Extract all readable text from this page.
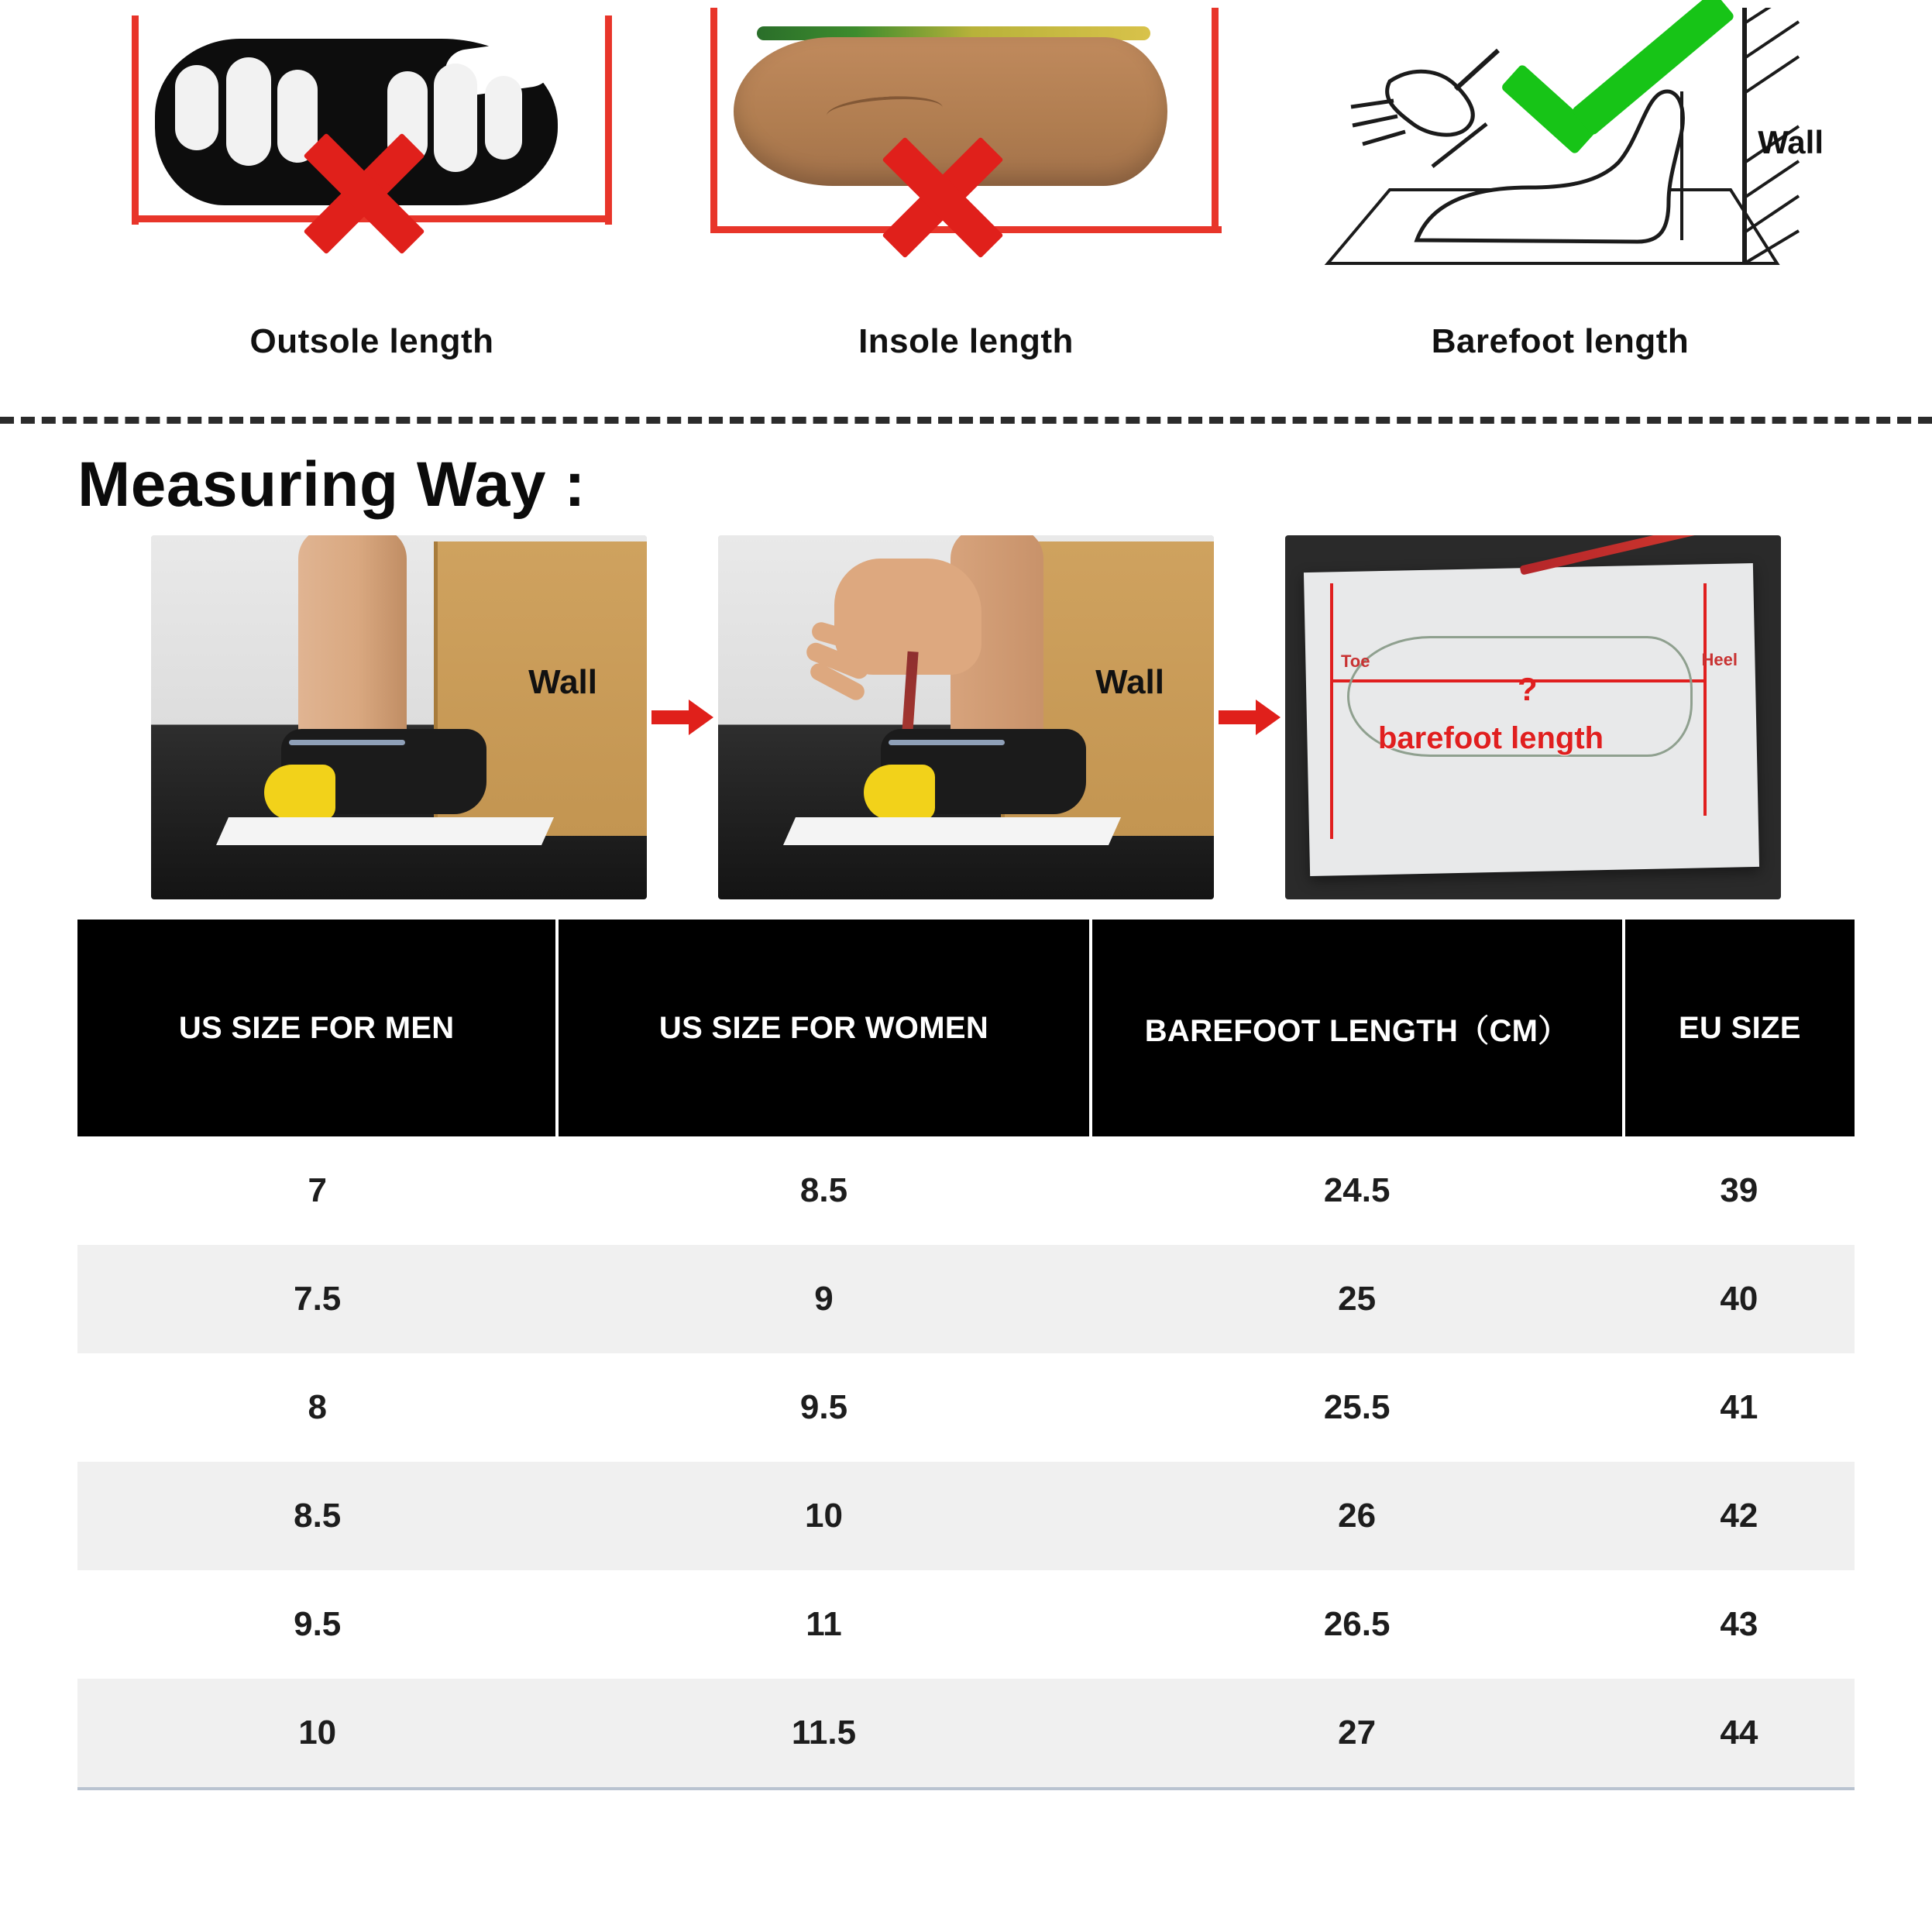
Outsole length	Insole length
Wall
Barefoot length
Measuring Way :
Wall	Wall	?
barefoot length
Toe	Heel
US SIZE FOR MEN	US SIZE FOR WOMEN	BAREFOOT LENGTH（CM）	EU SIZE
7	8.5	24.5	39
7.5	9	25	40
8	9.5	25.5	41
8.5	10	26	42
9.5	11	26.5	43
10	11.5	27	44
